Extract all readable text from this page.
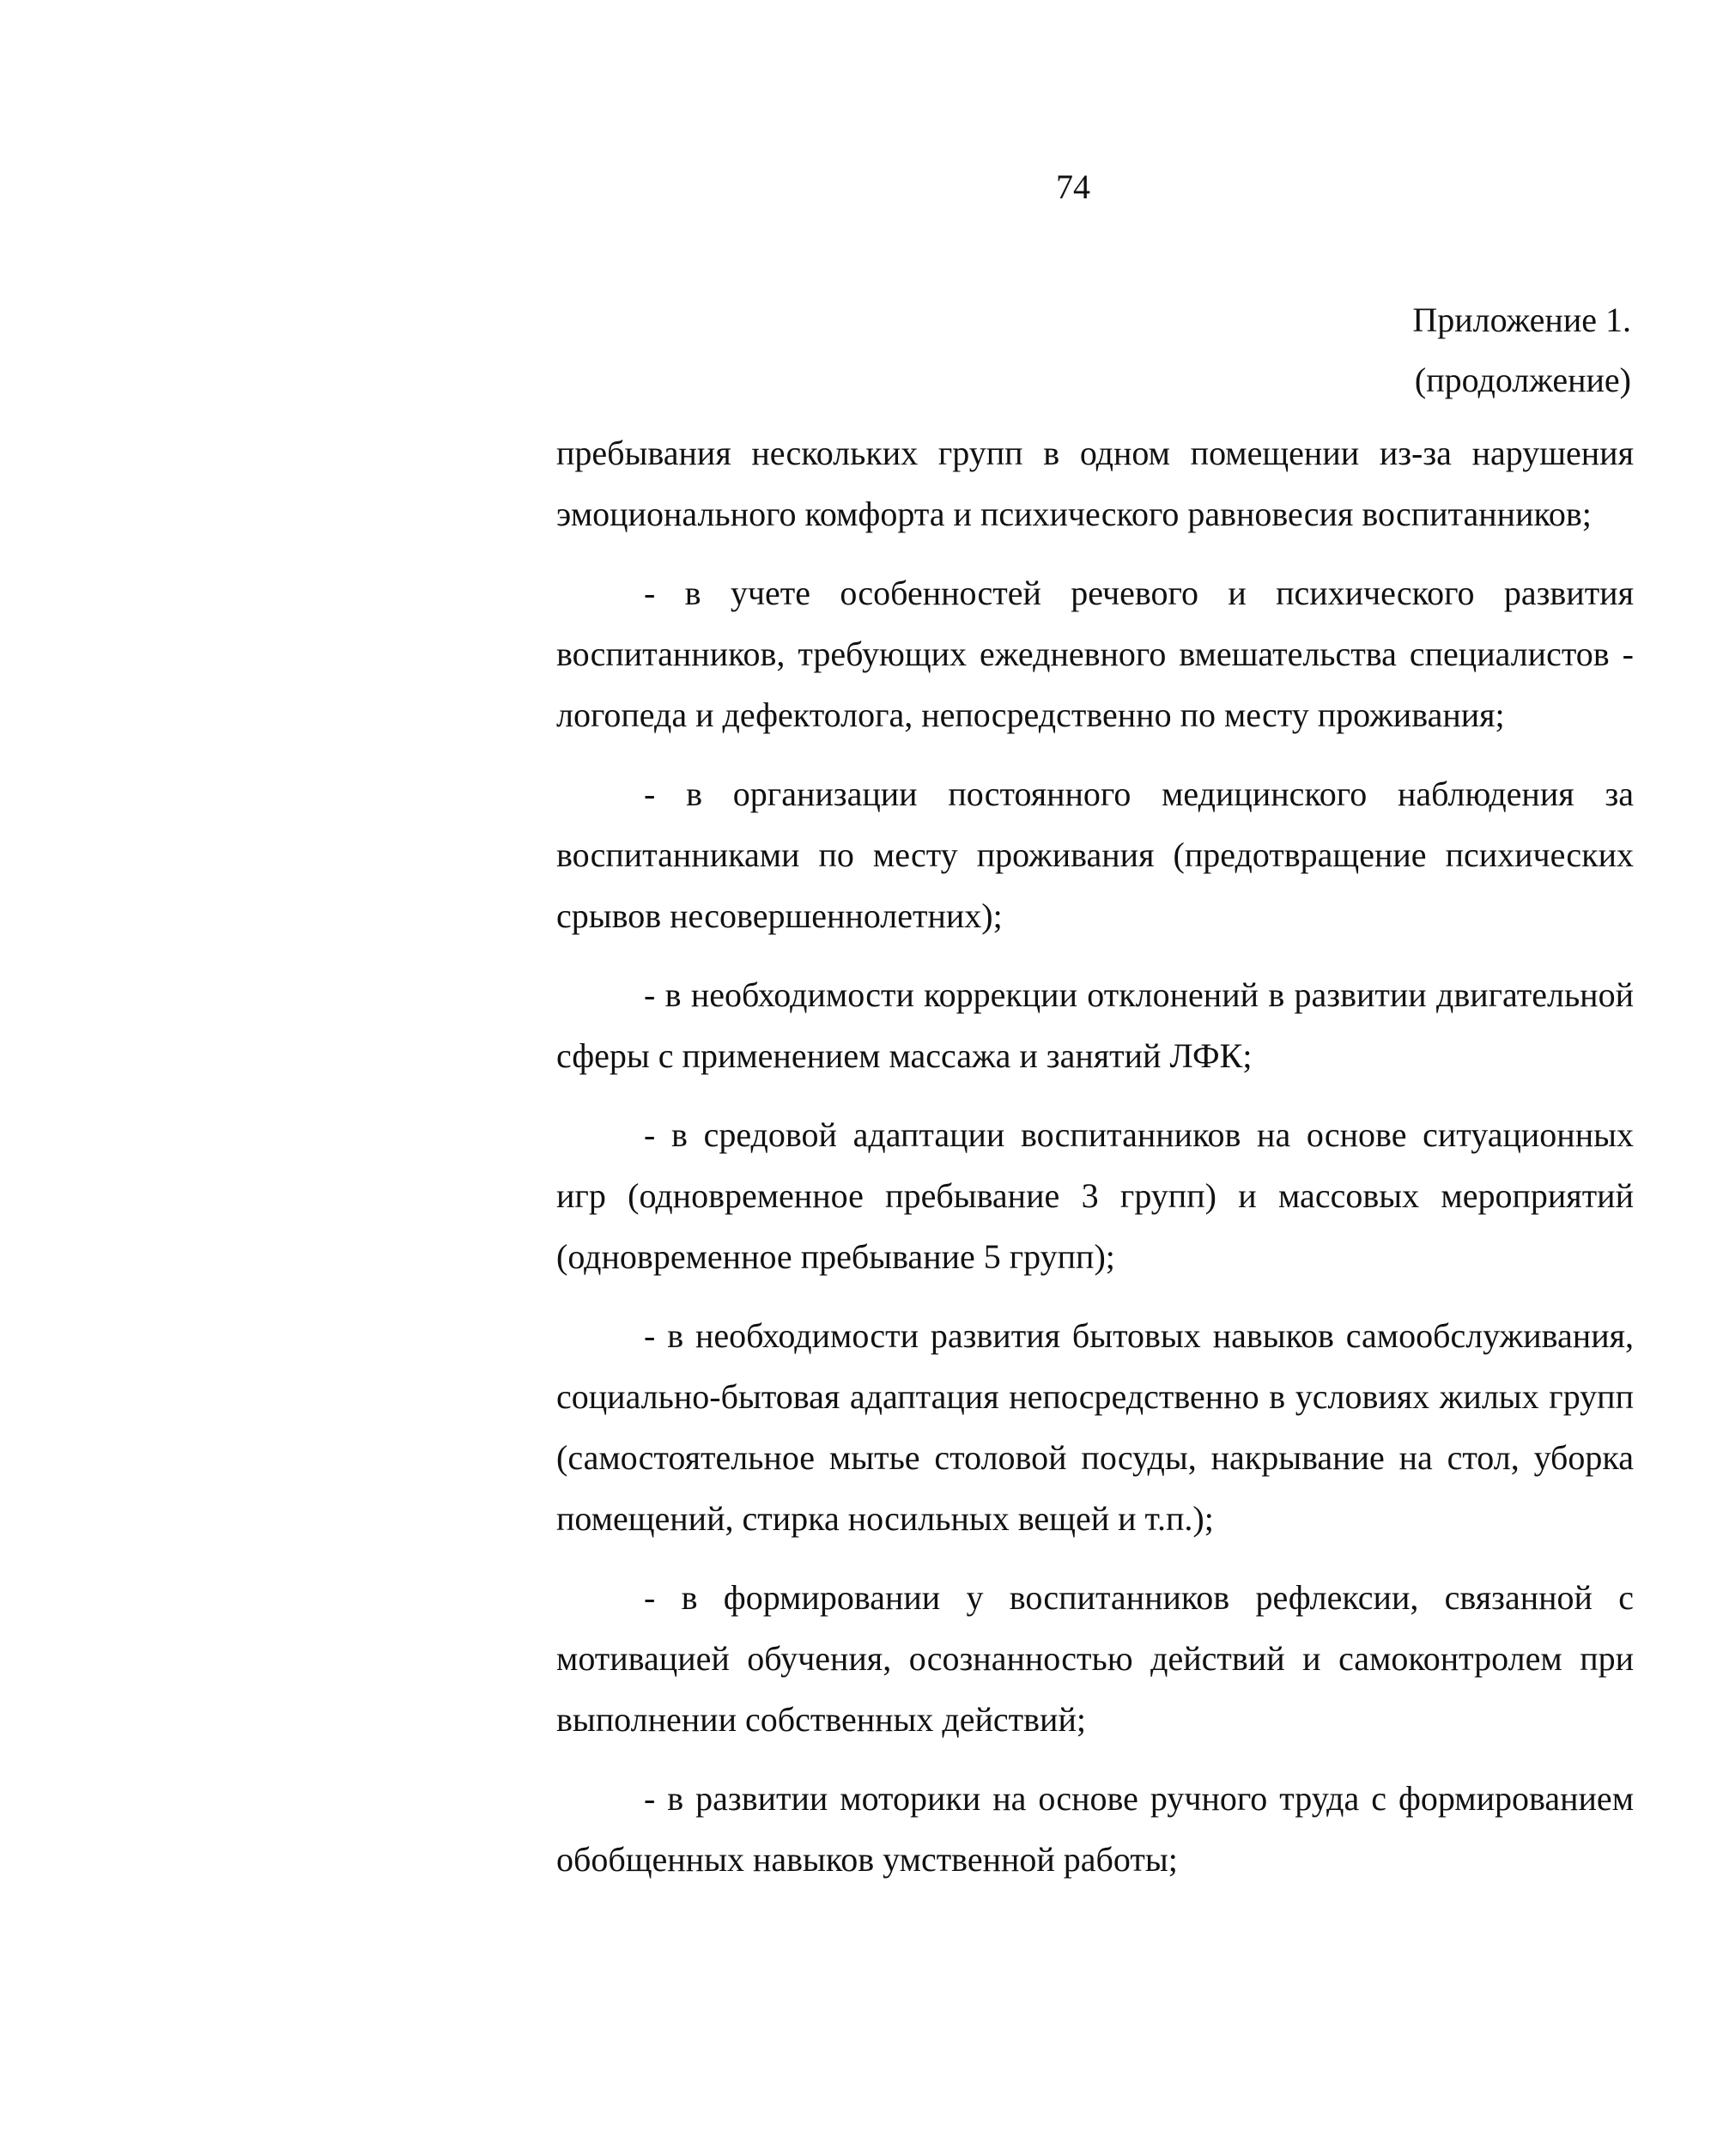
74
Приложение 1.
(продолжение)

пребывания нескольких групп в одном помещении из-за нарушения эмоционального комфорта и психического равновесия воспитанников;

- в учете особенностей речевого и психического развития воспитанников, требующих ежедневного вмешательства специалистов - логопеда и дефектолога, непосредственно по месту проживания;

- в организации постоянного медицинского наблюдения за воспитанниками по месту проживания (предотвращение психических срывов несовершеннолетних);

- в необходимости коррекции отклонений в развитии двигательной сферы с применением массажа и занятий ЛФК;

- в средовой адаптации воспитанников на основе ситуационных игр (одновременное пребывание 3 групп) и массовых мероприятий (одновременное пребывание 5 групп);

- в необходимости развития бытовых навыков самообслуживания, социально-бытовая адаптация непосредственно в условиях жилых групп (самостоятельное мытье столовой посуды, накрывание на стол, уборка помещений, стирка носильных вещей и т.п.);

- в формировании у воспитанников рефлексии, связанной с мотивацией обучения, осознанностью действий и самоконтролем при выполнении собственных действий;

- в развитии моторики на основе ручного труда с формированием обобщенных навыков умственной работы;
